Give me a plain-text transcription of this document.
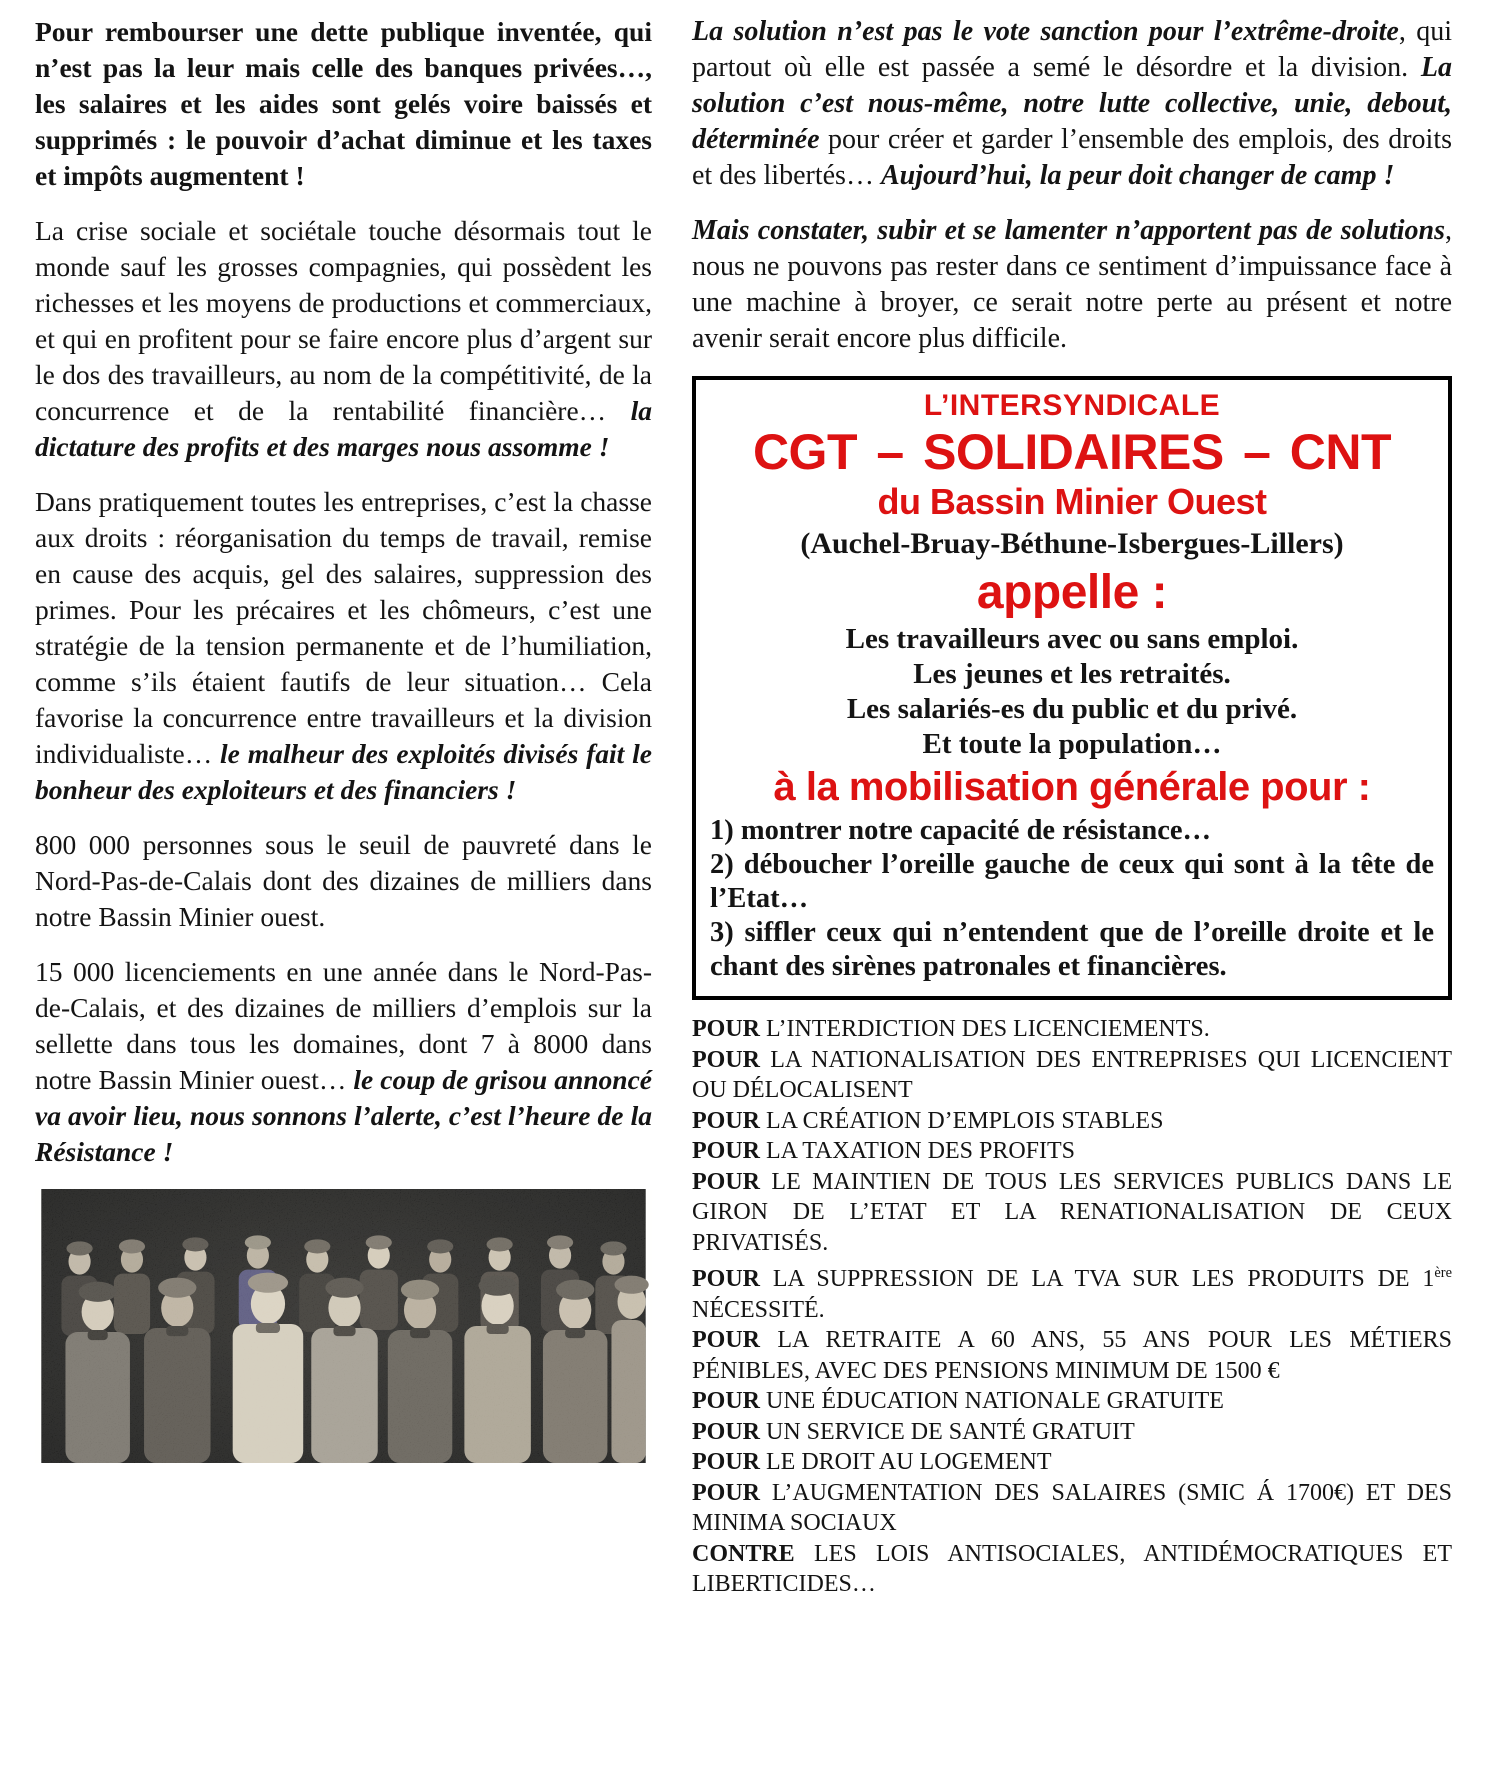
Pour rembourser une dette publique inventée, qui n’est pas la leur mais celle des banques privées…, les salaires et les aides sont gelés voire baissés et supprimés : le pouvoir d’achat diminue et les taxes et impôts augmentent !
La crise sociale et sociétale touche désormais tout le monde sauf les grosses compagnies, qui possèdent les richesses et les moyens de productions et commerciaux, et qui en profitent pour se faire encore plus d’argent sur le dos des travailleurs, au nom de la compétitivité, de la concurrence et de la rentabilité financière… la dictature des profits et des marges nous assomme !
Dans pratiquement toutes les entreprises, c’est la chasse aux droits : réorganisation du temps de travail, remise en cause des acquis, gel des salaires, suppression des primes. Pour les précaires et les chômeurs, c’est une stratégie de la tension permanente et de l’humiliation, comme s’ils étaient fautifs de leur situation… Cela favorise la concurrence entre travailleurs et la division individualiste… le malheur des exploités divisés fait le bonheur des exploiteurs et des financiers !
800 000 personnes sous le seuil de pauvreté dans le Nord-Pas-de-Calais dont des dizaines de milliers dans notre Bassin Minier ouest.
15 000 licenciements en une année dans le Nord-Pas-de-Calais, et des dizaines de milliers d’emplois sur la sellette dans tous les domaines, dont 7 à 8000 dans notre Bassin Minier ouest… le coup de grisou annoncé va avoir lieu, nous sonnons l’alerte, c’est l’heure de la Résistance !
La solution n’est pas le vote sanction pour l’extrême-droite, qui partout où elle est passée a semé le désordre et la division. La solution c’est nous-même, notre lutte collective, unie, debout, déterminée pour créer et garder l’ensemble des emplois, des droits et des libertés… Aujourd’hui, la peur doit changer de camp !
Mais constater, subir et se lamenter n’apportent pas de solutions, nous ne pouvons pas rester dans ce sentiment d’impuissance face à une machine à broyer, ce serait notre perte au présent et notre avenir serait encore plus difficile.
L’INTERSYNDICALE
CGT – SOLIDAIRES – CNT
du Bassin Minier Ouest
(Auchel-Bruay-Béthune-Isbergues-Lillers)
appelle :
Les travailleurs avec ou sans emploi.
Les jeunes et les retraités.
Les salariés-es du public et du privé.
Et toute la population…
à la mobilisation générale pour :
1) montrer notre capacité de résistance…
2) déboucher l’oreille gauche de ceux qui sont à la tête de l’Etat…
3) siffler ceux qui n’entendent que de l’oreille droite et le chant des sirènes patronales et financières.
POUR L’INTERDICTION DES LICENCIEMENTS.
POUR LA NATIONALISATION DES ENTREPRISES QUI LICENCIENT OU DÉLOCALISENT
POUR LA CRÉATION D’EMPLOIS STABLES
POUR LA TAXATION DES PROFITS
POUR LE MAINTIEN DE TOUS LES SERVICES PUBLICS DANS LE GIRON DE L’ETAT ET LA RENATIONALISATION DE CEUX PRIVATISÉS.
POUR LA SUPPRESSION DE LA TVA SUR LES PRODUITS DE 1ère NÉCESSITÉ.
POUR LA RETRAITE A 60 ANS, 55 ANS POUR LES MÉTIERS PÉNIBLES, AVEC DES PENSIONS MINIMUM DE 1500 €
POUR UNE ÉDUCATION NATIONALE GRATUITE
POUR UN SERVICE DE SANTÉ GRATUIT
POUR LE DROIT AU LOGEMENT
POUR L’AUGMENTATION DES SALAIRES (SMIC Á 1700€) ET DES MINIMA SOCIAUX
CONTRE LES LOIS ANTISOCIALES, ANTIDÉMOCRATIQUES ET LIBERTICIDES…
